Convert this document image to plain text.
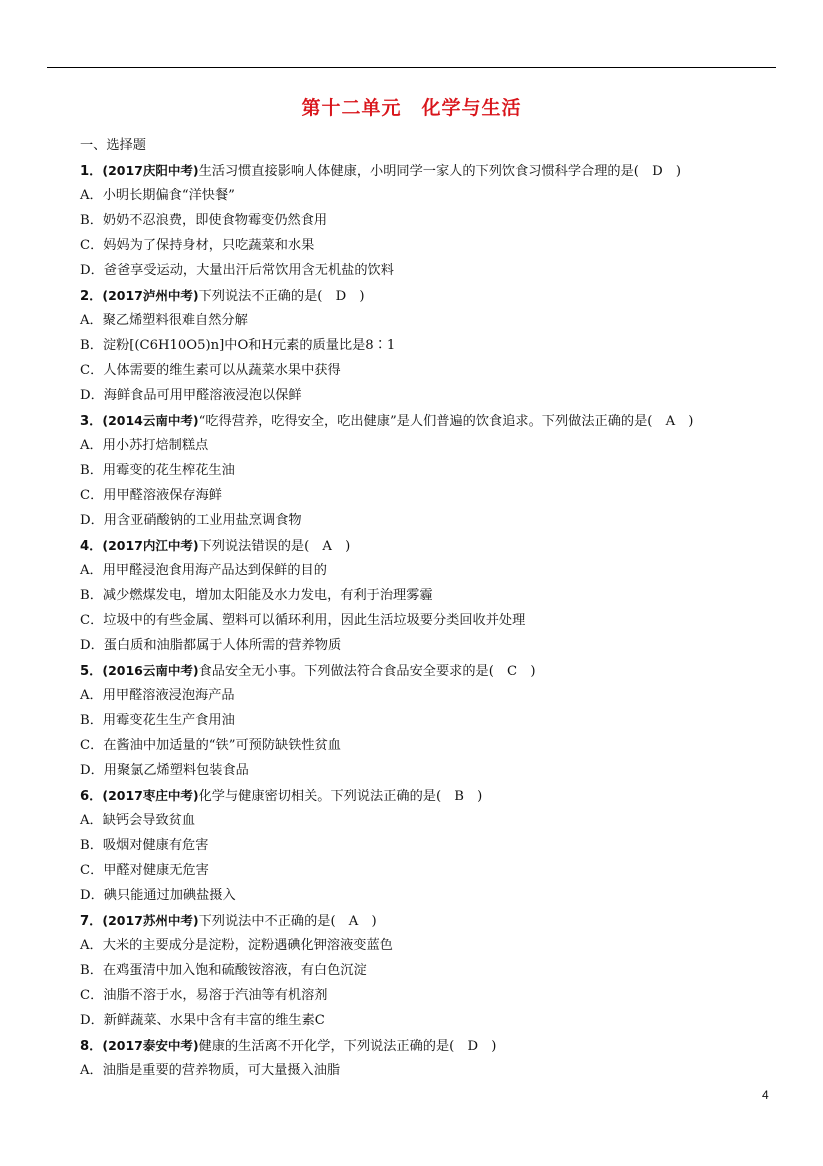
第十二单元 化学与生活
一、选择题
1．(2017庆阳中考)生活习惯直接影响人体健康，小明同学一家人的下列饮食习惯科学合理的是(　D　)
A．小明长期偏食“洋快餐”
B．奶奶不忍浪费，即使食物霉变仍然食用
C．妈妈为了保持身材，只吃蔬菜和水果
D．爸爸享受运动，大量出汗后常饮用含无机盐的饮料
2．(2017泸州中考)下列说法不正确的是(　D　)
A．聚乙烯塑料很难自然分解
B．淀粉[(C6H10O5)n]中O和H元素的质量比是8∶1
C．人体需要的维生素可以从蔬菜水果中获得
D．海鲜食品可用甲醛溶液浸泡以保鲜
3．(2014云南中考)“吃得营养，吃得安全，吃出健康”是人们普遍的饮食追求。下列做法正确的是(　A　)
A．用小苏打焙制糕点
B．用霉变的花生榨花生油
C．用甲醛溶液保存海鲜
D．用含亚硝酸钠的工业用盐烹调食物
4．(2017内江中考)下列说法错误的是(　A　)
A．用甲醛浸泡食用海产品达到保鲜的目的
B．减少燃煤发电，增加太阳能及水力发电，有利于治理雾霾
C．垃圾中的有些金属、塑料可以循环利用，因此生活垃圾要分类回收并处理
D．蛋白质和油脂都属于人体所需的营养物质
5．(2016云南中考)食品安全无小事。下列做法符合食品安全要求的是(　C　)
A．用甲醛溶液浸泡海产品
B．用霉变花生生产食用油
C．在酱油中加适量的“铁”可预防缺铁性贫血
D．用聚氯乙烯塑料包装食品
6．(2017枣庄中考)化学与健康密切相关。下列说法正确的是(　B　)
A．缺钙会导致贫血
B．吸烟对健康有危害
C．甲醛对健康无危害
D．碘只能通过加碘盐摄入
7．(2017苏州中考)下列说法中不正确的是(　A　)
A．大米的主要成分是淀粉，淀粉遇碘化钾溶液变蓝色
B．在鸡蛋清中加入饱和硫酸铵溶液，有白色沉淀
C．油脂不溶于水，易溶于汽油等有机溶剂
D．新鲜蔬菜、水果中含有丰富的维生素C
8．(2017泰安中考)健康的生活离不开化学，下列说法正确的是(　D　)
A．油脂是重要的营养物质，可大量摄入油脂
4
